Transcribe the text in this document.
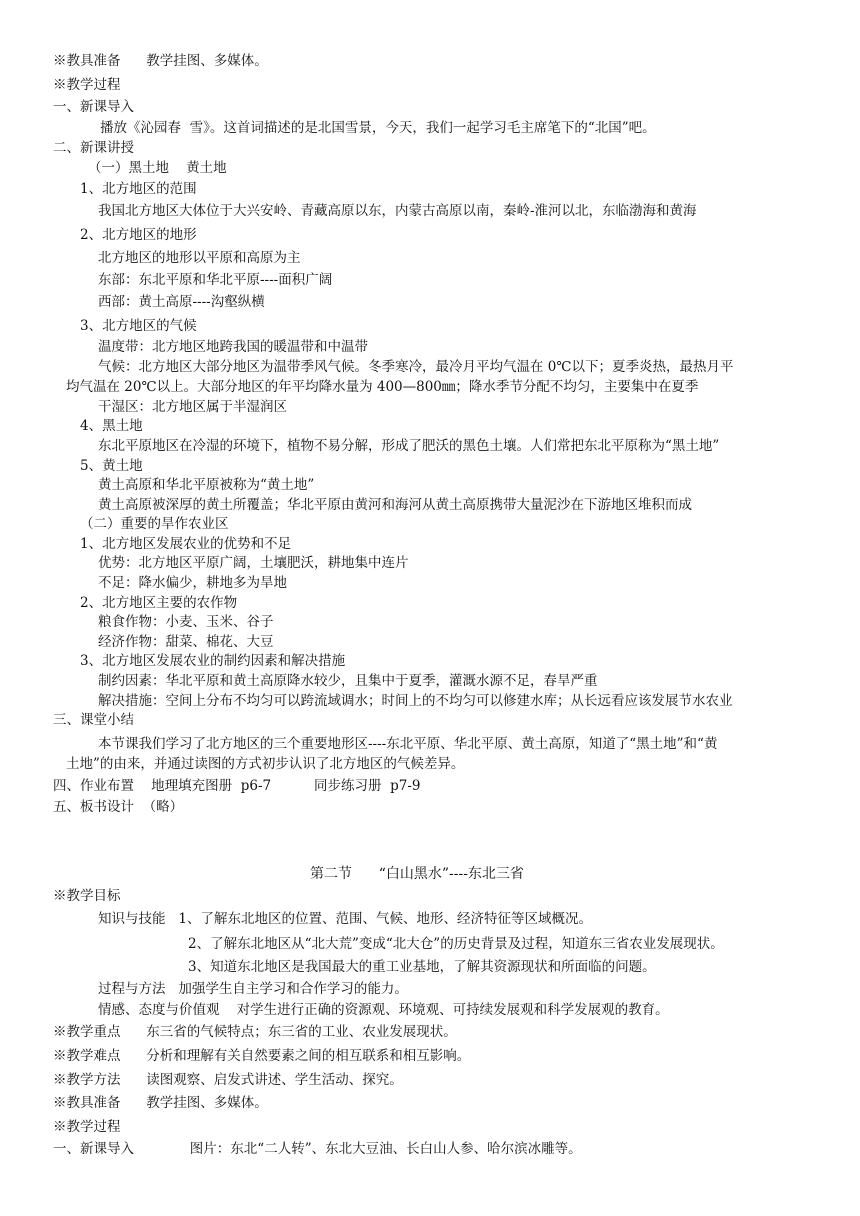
※教具准备      教学挂图、多媒体。
※教学过程
一、新课导入
播放《沁园春  雪》。这首词描述的是北国雪景，今天，我们一起学习毛主席笔下的“北国”吧。
二、新课讲授
（一）黑土地    黄土地
1、北方地区的范围
我国北方地区大体位于大兴安岭、青藏高原以东，内蒙古高原以南，秦岭-淮河以北，东临渤海和黄海
2、北方地区的地形
北方地区的地形以平原和高原为主
东部：东北平原和华北平原----面积广阔
西部：黄土高原----沟壑纵横
3、北方地区的气候
温度带：北方地区地跨我国的暖温带和中温带
气候：北方地区大部分地区为温带季风气候。冬季寒冷，最冷月平均气温在 0℃以下；夏季炎热，最热月平
均气温在 20℃以上。大部分地区的年平均降水量为 400—800㎜；降水季节分配不均匀，主要集中在夏季
干湿区：北方地区属于半湿润区
4、黑土地
东北平原地区在冷湿的环境下，植物不易分解，形成了肥沃的黑色土壤。人们常把东北平原称为“黑土地”
5、黄土地
黄土高原和华北平原被称为“黄土地”
黄土高原被深厚的黄土所覆盖；华北平原由黄河和海河从黄土高原携带大量泥沙在下游地区堆积而成
（二）重要的旱作农业区
1、北方地区发展农业的优势和不足
优势：北方地区平原广阔，土壤肥沃，耕地集中连片
不足：降水偏少，耕地多为旱地
2、北方地区主要的农作物
粮食作物：小麦、玉米、谷子
经济作物：甜菜、棉花、大豆
3、北方地区发展农业的制约因素和解决措施
制约因素：华北平原和黄土高原降水较少，且集中于夏季，灌溉水源不足，春旱严重
解决措施：空间上分布不均匀可以跨流域调水；时间上的不均匀可以修建水库；从长远看应该发展节水农业
三、课堂小结
本节课我们学习了北方地区的三个重要地形区----东北平原、华北平原、黄土高原，知道了“黑土地”和“黄
土地”的由来，并通过读图的方式初步认识了北方地区的气候差异。
四、作业布置    地理填充图册  p6-7          同步练习册  p7-9
五、板书设计  （略）
第二节      “白山黑水”----东北三省
※教学目标
知识与技能   1、了解东北地区的位置、范围、气候、地形、经济特征等区域概况。
2、了解东北地区从“北大荒”变成“北大仓”的历史背景及过程，知道东三省农业发展现状。
3、知道东北地区是我国最大的重工业基地，了解其资源现状和所面临的问题。
过程与方法   加强学生自主学习和合作学习的能力。
情感、态度与价值观    对学生进行正确的资源观、环境观、可持续发展观和科学发展观的教育。
※教学重点      东三省的气候特点；东三省的工业、农业发展现状。
※教学难点      分析和理解有关自然要素之间的相互联系和相互影响。
※教学方法      读图观察、启发式讲述、学生活动、探究。
※教具准备      教学挂图、多媒体。
※教学过程
一、新课导入             图片：东北“二人转”、东北大豆油、长白山人参、哈尔滨冰雕等。
